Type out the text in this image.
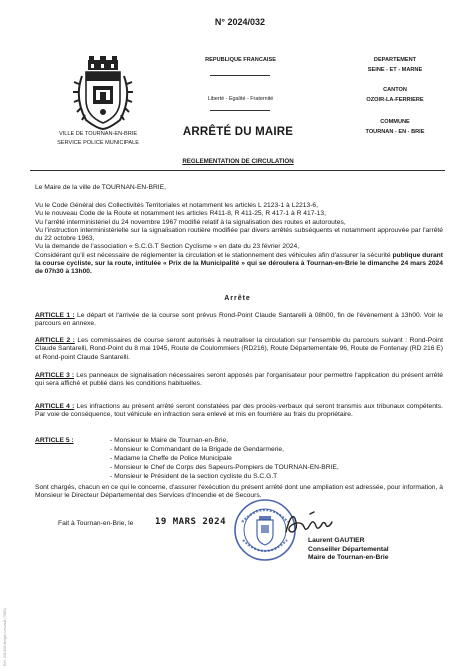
N° 2024/032
REPUBLIQUE FRANCAISE
Liberté - Egalité - Fraternité
DEPARTEMENT
SEINE - ET - MARNE
CANTON
OZOIR-LA-FERRIERE
COMMUNE
TOURNAN - EN - BRIE
VILLE DE TOURNAN-EN-BRIE
SERVICE POLICE MUNICIPALE
ARRÊTÉ DU MAIRE
REGLEMENTATION DE CIRCULATION
Le Maire de la ville de TOURNAN-EN-BRIE,

Vu le Code Général des Collectivités Territoriales et notamment les articles L 2123-1 à L2213-6,

Vu le nouveau Code de la Route et notamment les articles R411-8, R 411-25, R 417-1 à R 417-13,

Vu l'arrêté interministériel du 24 novembre 1967 modifié relatif à la signalisation des routes et autoroutes,

Vu l'instruction interministérielle sur la signalisation routière modifiée par divers arrêtés subséquents et notamment approuvée par l'arrêté du 22 octobre 1963,

Vu la demande de l'association « S.C.G.T Section Cyclisme » en date du 23 février 2024,

Considérant qu'il est nécessaire de réglementer la circulation et le stationnement des véhicules afin d'assurer la sécurité publique durant la course cycliste, sur la route, intitulée « Prix de la Municipalité » qui se déroulera à Tournan-en-Brie le dimanche 24 mars 2024 de 07h30 à 13h00.

Arrête

ARTICLE 1 : Le départ et l'arrivée de la course sont prévus Rond-Point Claude Santarelli à 08h00, fin de l'évènement à 13h00. Voir le parcours en annexe.

ARTICLE 2 : Les commissaires de course seront autorisés à neutraliser la circulation sur l'ensemble du parcours suivant : Rond-Point Claude Santarelli, Rond-Point du 8 mai 1945, Route de Coulommiers (RD216), Route Départementale 96, Route de Fontenay (RD 216 E) et Rond-point Claude Santarelli.

ARTICLE 3 : Les panneaux de signalisation nécessaires seront apposés par l'organisateur pour permettre l'application du présent arrêté qui sera affiché et publié dans les conditions habituelles.

ARTICLE 4 : Les infractions au présent arrêté seront constatées par des procès-verbaux qui seront transmis aux tribunaux compétents. Par voie de conséquence, tout véhicule en infraction sera enlevé et mis en fourrière au frais du propriétaire.

ARTICLE 5 :	- Monsieur le Maire de Tournan-en-Brie,
- Monsieur le Commandant de la Brigade de Gendarmerie,
- Madame la Cheffe de Police Municipale
- Monsieur le Chef de Corps des Sapeurs-Pompiers de TOURNAN-EN-BRIE,
- Monsieur le Président de la section cycliste du S.C.G.T
Sont chargés, chacun en ce qui le concerne, d'assurer l'exécution du présent arrêté dont une ampliation est adressée, pour information, à Monsieur le Directeur Départemental des Services d'Incendie et de Secours.
Fait à Tournan-en-Brie, le 19 MARS 2024
Laurent GAUTIER
Conseiller Départemental
Maire de Tournan-en-Brie
Ref. 2013/03 Berger-Levrault (7850)
